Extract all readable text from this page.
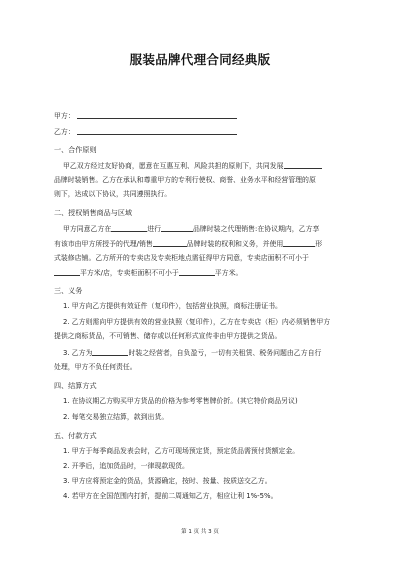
服装品牌代理合同经典版
甲方：
乙方：
一、合作原则
甲乙双方经过友好协商，愿意在互惠互利、风险共担的原则下，共同发展
品牌时装销售。乙方在承认和尊重甲方的专利行使权、商誉、业务水平和经营管理的原
则下，达成以下协议，共同遵照执行。
二、授权销售商品与区域
甲方同意乙方在	进行	品牌时装之代理销售:在协议期内，乙方享
有该市由甲方所授予的代理/销售	品牌时装的权利和义务，并使用	形
式装修店铺。乙方所开的专卖店及专卖柜地点需征得甲方同意，专卖店面积不可小于
平方米/店，专卖柜面积不可小于	平方米。
三、义务
1. 甲方向乙方提供有效证件（复印件），包括营业执照，商标注册证书。
2. 乙方则需向甲方提供有效的营业执照（复印件），乙方在专卖店（柜）内必须销售甲方
提供之商标货品，不可销售、储存或以任何形式宣传非由甲方提供之货品。
3. 乙方为	时装之经营者，自负盈亏，一切有关租赁、税务问题由乙方自行
处理，甲方不负任何责任。
四、结算方式
1. 在协议期乙方购买甲方货品的价格为参考零售牌价折。(其它特价商品另议)
2. 每笔交易独立结算，款到出货。
五、付款方式
1. 甲方于每季商品发表会时，乙方可现场预定货，预定货品需预付货额定金。
2. 开季后，追加货品时，一律现款现货。
3. 甲方应将预定金的货品，货源确定，按时、按量、按质送交乙方。
4. 若甲方在全国范围内打折，提前二周通知乙方，相应让利 1%-5%。
第 1 页 共 3 页
